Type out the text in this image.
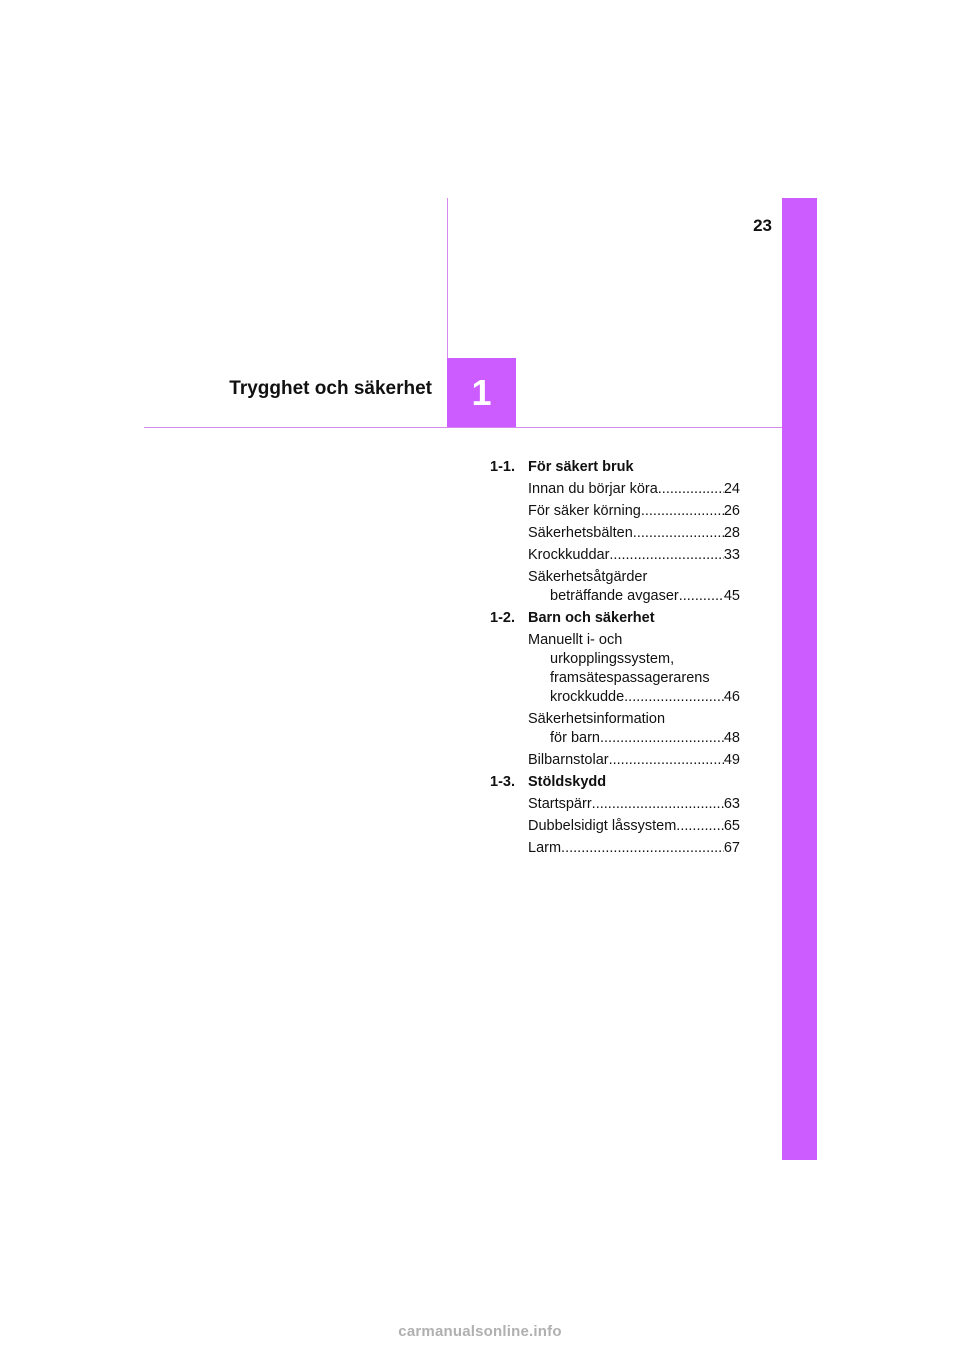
23
1
Trygghet och säkerhet
1-1. För säkert bruk
Innan du börjar köra .....	24
För säker körning .....	26
Säkerhetsbälten .....	28
Krockkuddar .....	33
Säkerhetsåtgärder
beträffande avgaser .....	45
1-2. Barn och säkerhet
Manuellt i- och
urkopplingssystem,
framsätespassagerarens
krockkudde .....	46
Säkerhetsinformation
för barn .....	48
Bilbarnstolar .....	49
1-3. Stöldskydd
Startspärr .....	63
Dubbelsidigt låssystem .....	65
Larm .....	67
carmanualsonline.info
